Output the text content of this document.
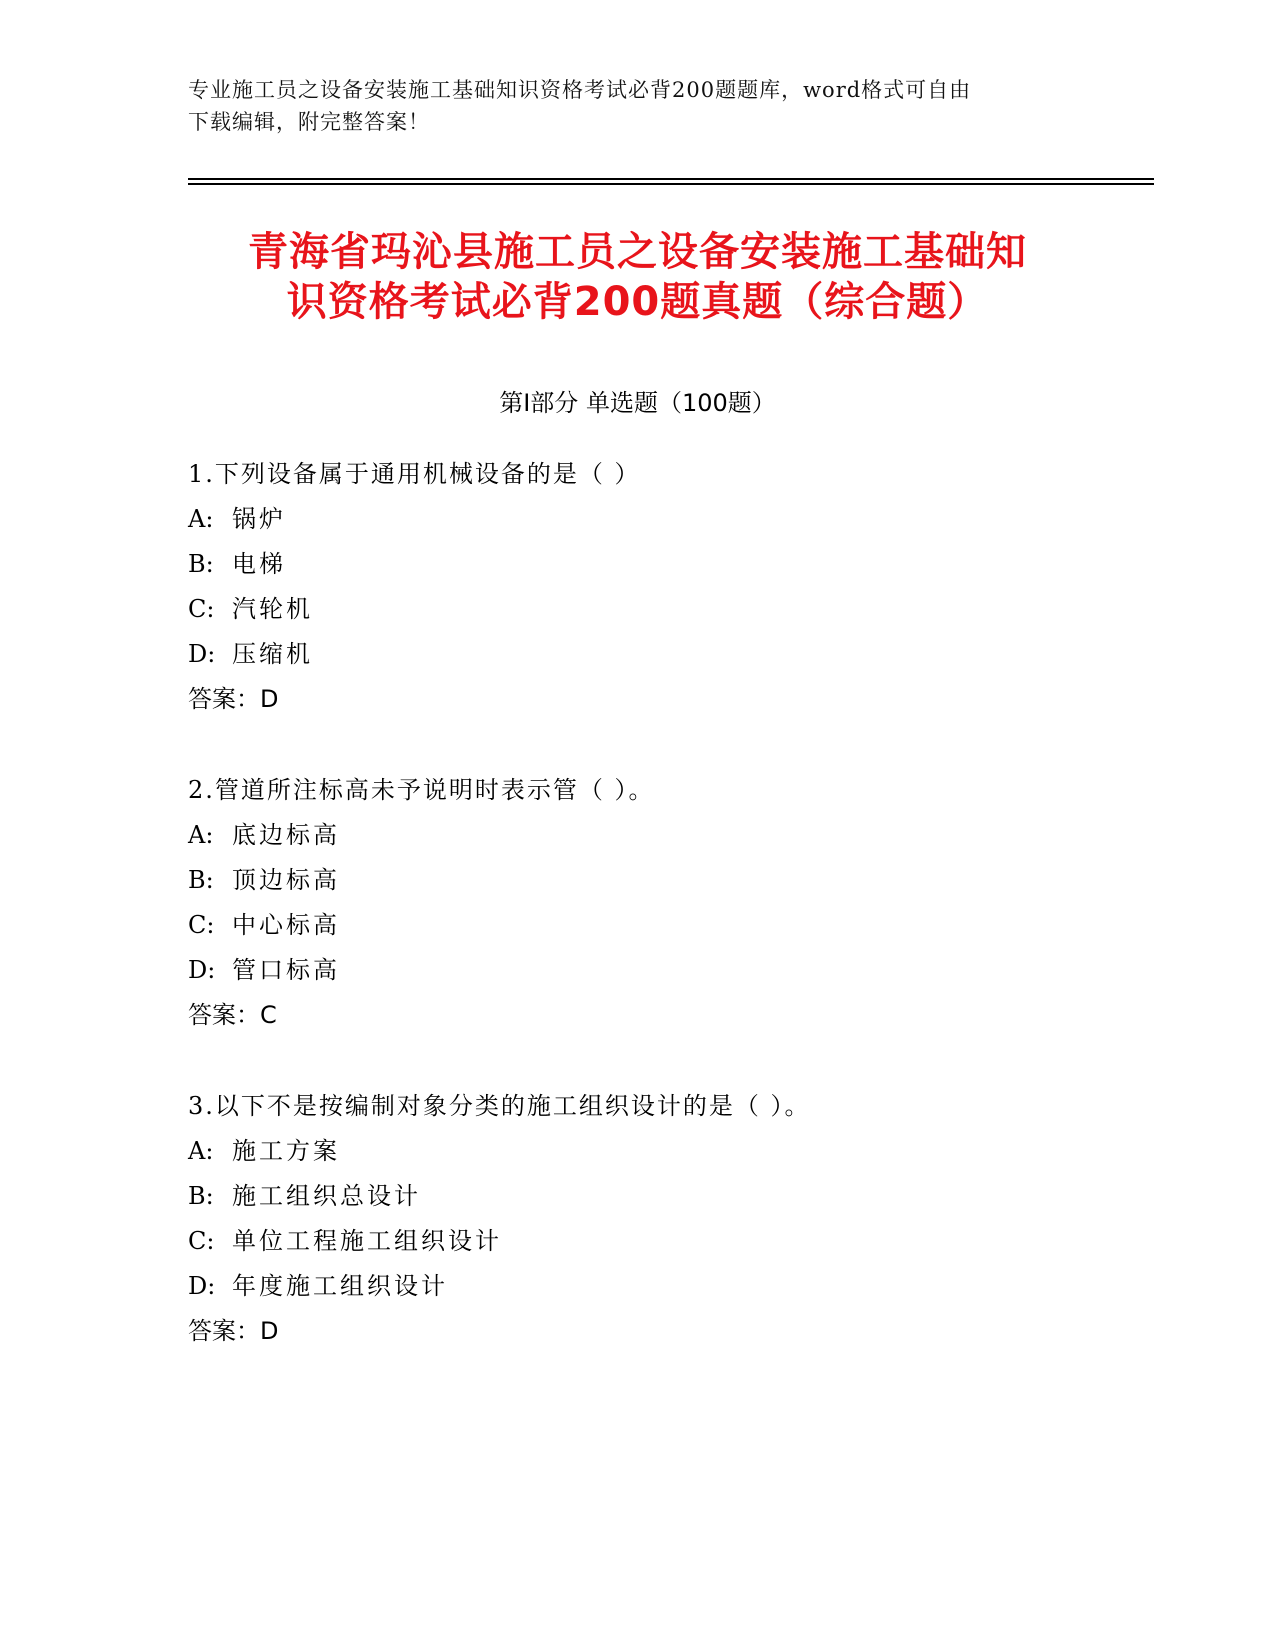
专业施工员之设备安装施工基础知识资格考试必背200题题库，word格式可自由
下载编辑，附完整答案！
青海省玛沁县施工员之设备安装施工基础知
识资格考试必背200题真题（综合题）
第Ⅰ部分 单选题（100题）
1.下列设备属于通用机械设备的是（ ）
A: 锅炉
B: 电梯
C: 汽轮机
D: 压缩机
答案：D
2.管道所注标高未予说明时表示管（ ）。
A: 底边标高
B: 顶边标高
C: 中心标高
D: 管口标高
答案：C
3.以下不是按编制对象分类的施工组织设计的是（ ）。
A: 施工方案
B: 施工组织总设计
C: 单位工程施工组织设计
D: 年度施工组织设计
答案：D
